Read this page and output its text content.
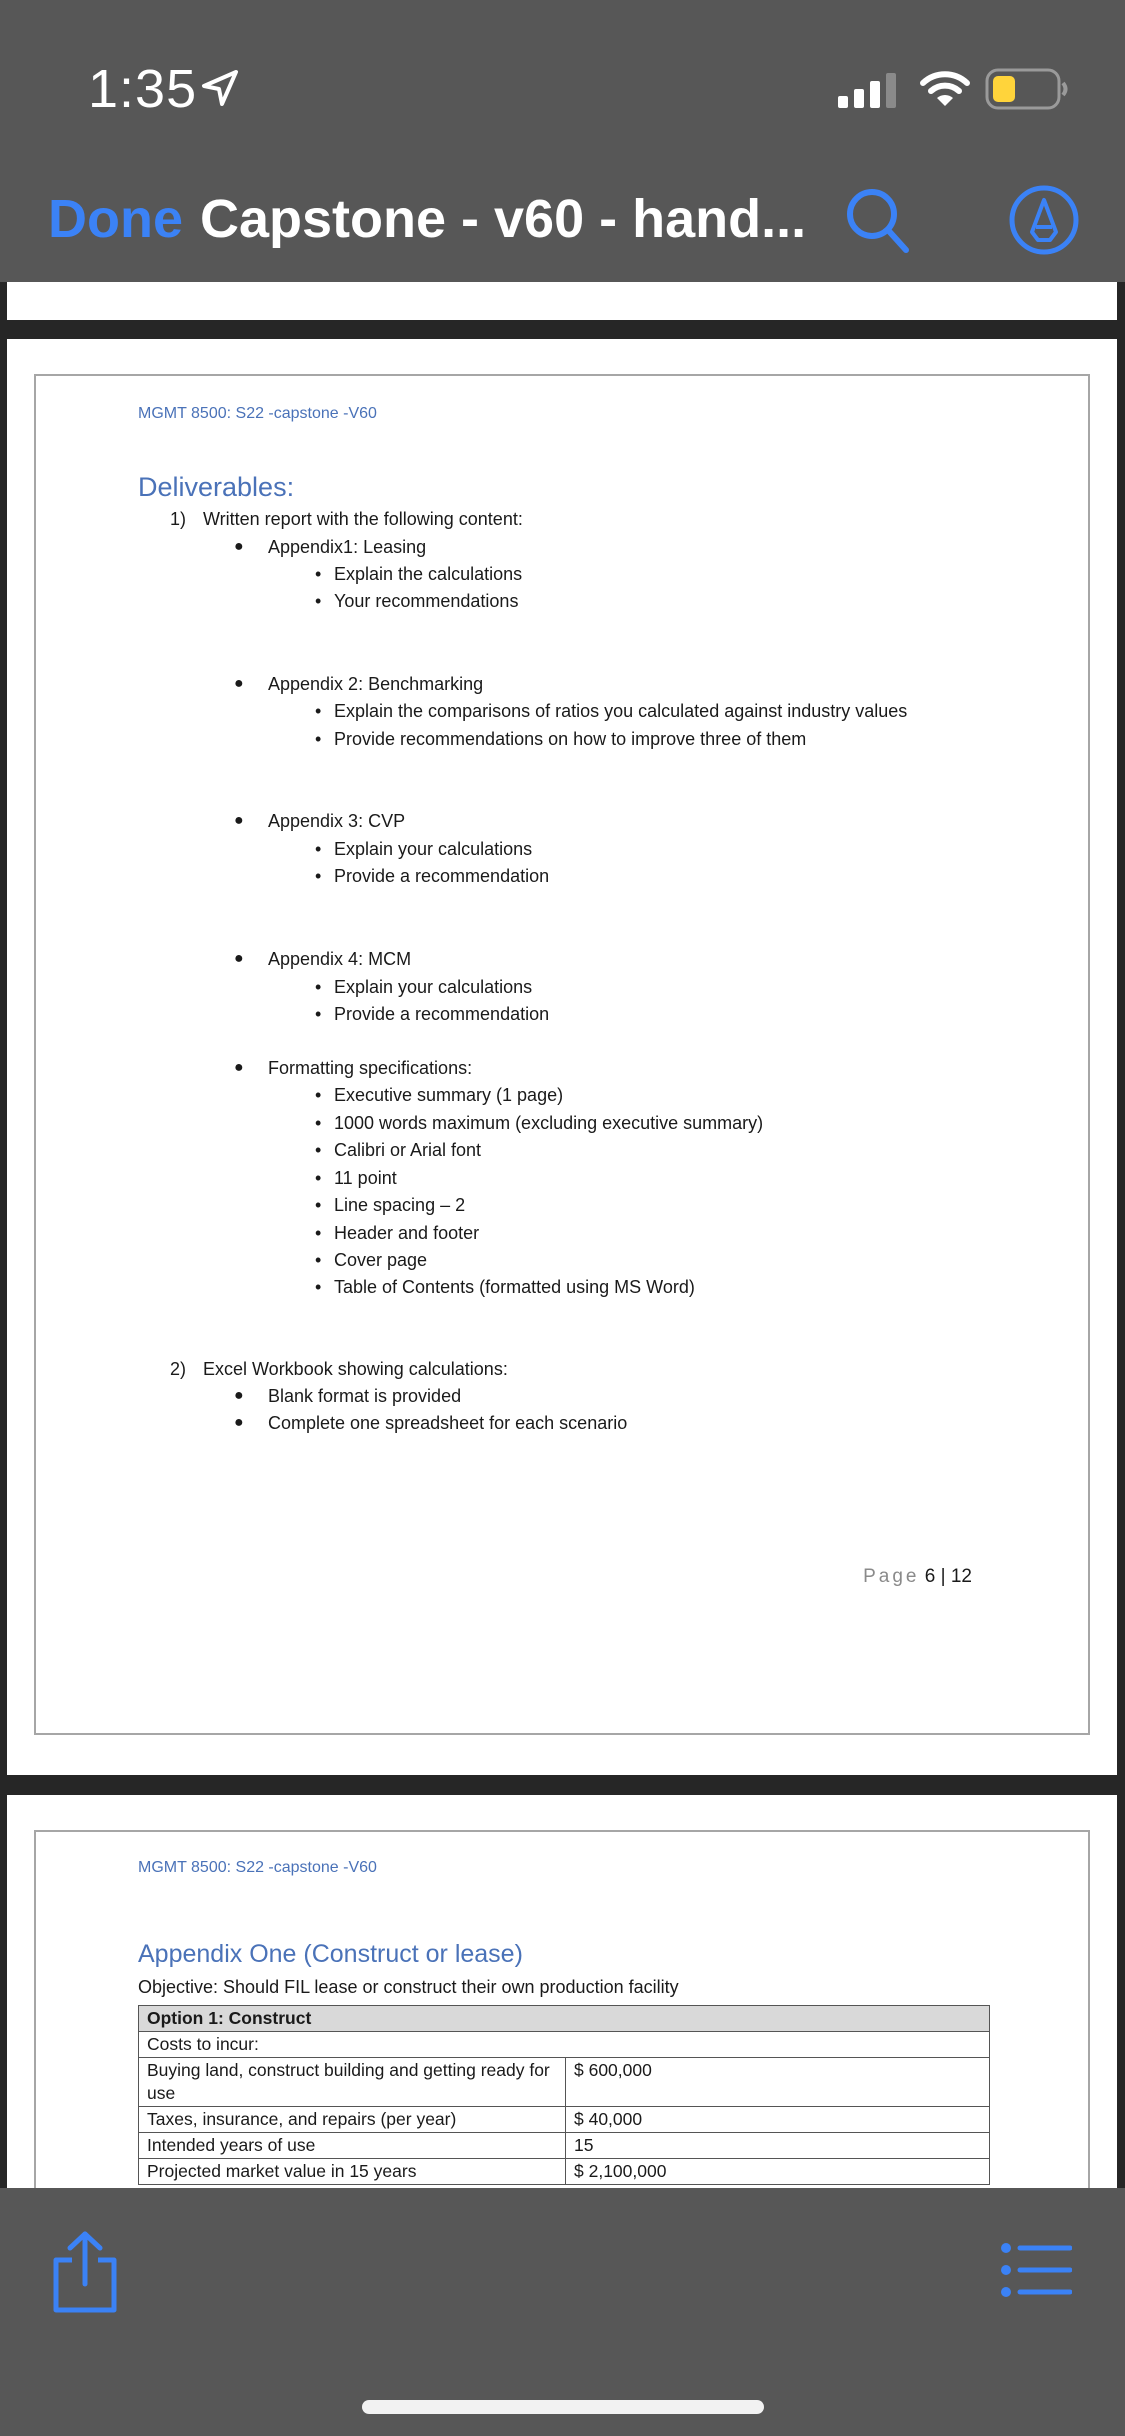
1:35
Done Capstone - v60 - hand...
MGMT 8500: S22 -capstone -V60
Deliverables:
1) Written report with the following content:
● Appendix1: Leasing
• Explain the calculations
• Your recommendations
● Appendix 2: Benchmarking
• Explain the comparisons of ratios you calculated against industry values
• Provide recommendations on how to improve three of them
● Appendix 3: CVP
• Explain your calculations
• Provide a recommendation
● Appendix 4: MCM
• Explain your calculations
• Provide a recommendation
● Formatting specifications:
• Executive summary (1 page)
• 1000 words maximum (excluding executive summary)
• Calibri or Arial font
• 11 point
• Line spacing – 2
• Header and footer
• Cover page
• Table of Contents (formatted using MS Word)
2) Excel Workbook showing calculations:
● Blank format is provided
● Complete one spreadsheet for each scenario
Page 6 | 12
MGMT 8500: S22 -capstone -V60
Appendix One (Construct or lease)
Objective: Should FIL lease or construct their own production facility
Option 1: Construct	
Costs to incur:	
Buying land, construct building and getting ready for use	$ 600,000
Taxes, insurance, and repairs (per year)	$ 40,000
Intended years of use	15
Projected market value in 15 years	$ 2,100,000
